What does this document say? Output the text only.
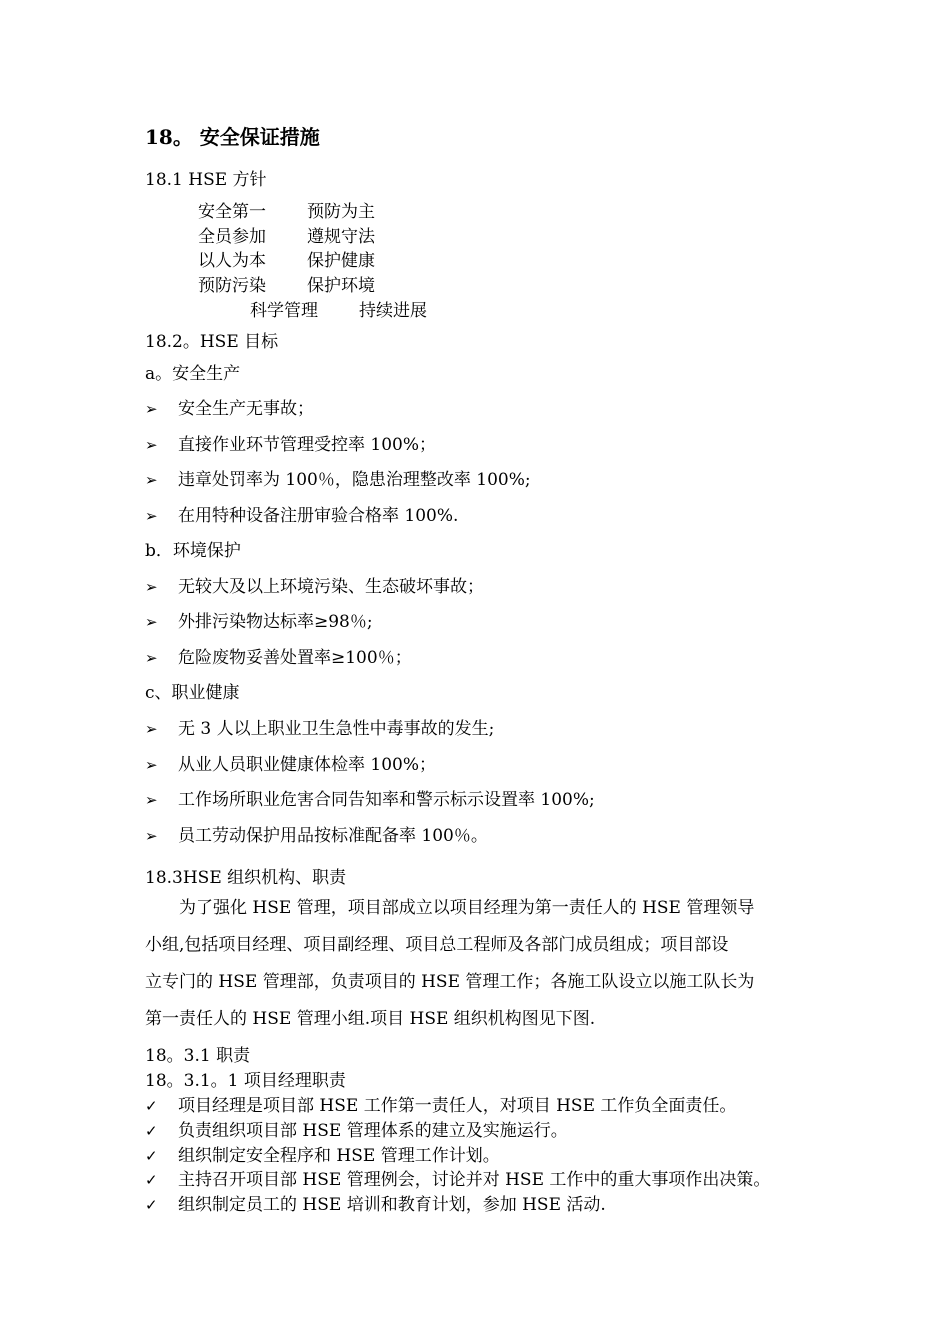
18。 安全保证措施
18.1 HSE 方针
安全第一 预防为主
全员参加 遵规守法
以人为本 保护健康
预防污染 保护环境
科学管理 持续进展
18.2。HSE 目标
a。安全生产
➢ 安全生产无事故；
➢ 直接作业环节管理受控率 100%；
➢ 违章处罚率为 100％，隐患治理整改率 100%;
➢ 在用特种设备注册审验合格率 100%.
b．环境保护
➢ 无较大及以上环境污染、生态破坏事故；
➢ 外排污染物达标率≥98％;
➢ 危险废物妥善处置率≥100％；
c、职业健康
➢ 无 3 人以上职业卫生急性中毒事故的发生;
➢ 从业人员职业健康体检率 100%；
➢ 工作场所职业危害合同告知率和警示标示设置率 100%;
➢ 员工劳动保护用品按标准配备率 100％。
18.3HSE 组织机构、职责
为了强化 HSE 管理，项目部成立以项目经理为第一责任人的 HSE 管理领导
小组,包括项目经理、项目副经理、项目总工程师及各部门成员组成；项目部设
立专门的 HSE 管理部，负责项目的 HSE 管理工作；各施工队设立以施工队长为
第一责任人的 HSE 管理小组.项目 HSE 组织机构图见下图.
18。3.1 职责
18。3.1。1 项目经理职责
✓ 项目经理是项目部 HSE 工作第一责任人，对项目 HSE 工作负全面责任。
✓ 负责组织项目部 HSE 管理体系的建立及实施运行。
✓ 组织制定安全程序和 HSE 管理工作计划。
✓ 主持召开项目部 HSE 管理例会，讨论并对 HSE 工作中的重大事项作出决策。
✓ 组织制定员工的 HSE 培训和教育计划，参加 HSE 活动.
